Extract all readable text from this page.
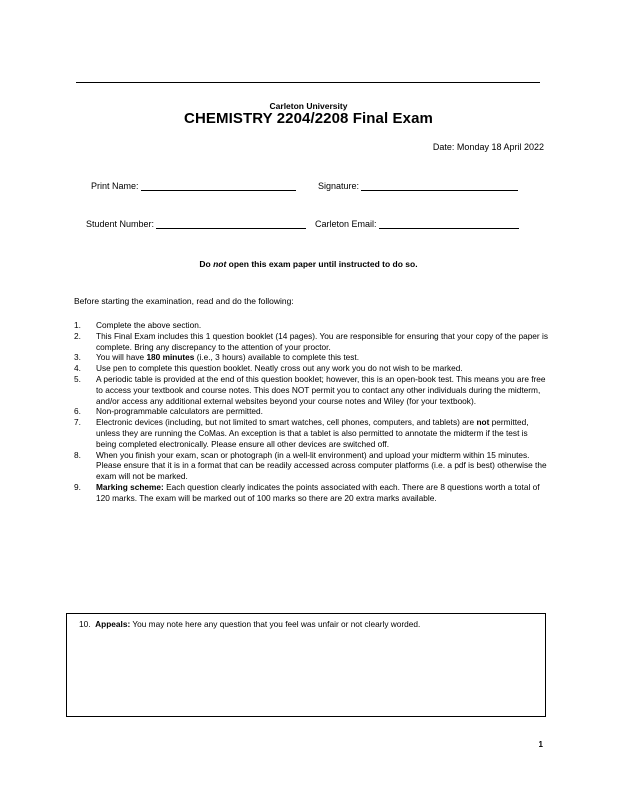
Carleton University
CHEMISTRY 2204/2208 Final Exam
Date: Monday 18 April 2022
Print Name:	Signature:
Student Number:	Carleton Email:
Do not open this exam paper until instructed to do so.
Before starting the examination, read and do the following:
1. Complete the above section.
2. This Final Exam includes this 1 question booklet (14 pages). You are responsible for ensuring that your copy of the paper is complete. Bring any discrepancy to the attention of your proctor.
3. You will have 180 minutes (i.e., 3 hours) available to complete this test.
4. Use pen to complete this question booklet. Neatly cross out any work you do not wish to be marked.
5. A periodic table is provided at the end of this question booklet; however, this is an open-book test. This means you are free to access your textbook and course notes. This does NOT permit you to contact any other individuals during the midterm, and/or access any additional external websites beyond your course notes and Wiley (for your textbook).
6. Non-programmable calculators are permitted.
7. Electronic devices (including, but not limited to smart watches, cell phones, computers, and tablets) are not permitted, unless they are running the CoMas. An exception is that a tablet is also permitted to annotate the midterm if the test is being completed electronically. Please ensure all other devices are switched off.
8. When you finish your exam, scan or photograph (in a well-lit environment) and upload your midterm within 15 minutes. Please ensure that it is in a format that can be readily accessed across computer platforms (i.e. a pdf is best) otherwise the exam will not be marked.
9. Marking scheme: Each question clearly indicates the points associated with each. There are 8 questions worth a total of 120 marks. The exam will be marked out of 100 marks so there are 20 extra marks available.
10. Appeals: You may note here any question that you feel was unfair or not clearly worded.
1
